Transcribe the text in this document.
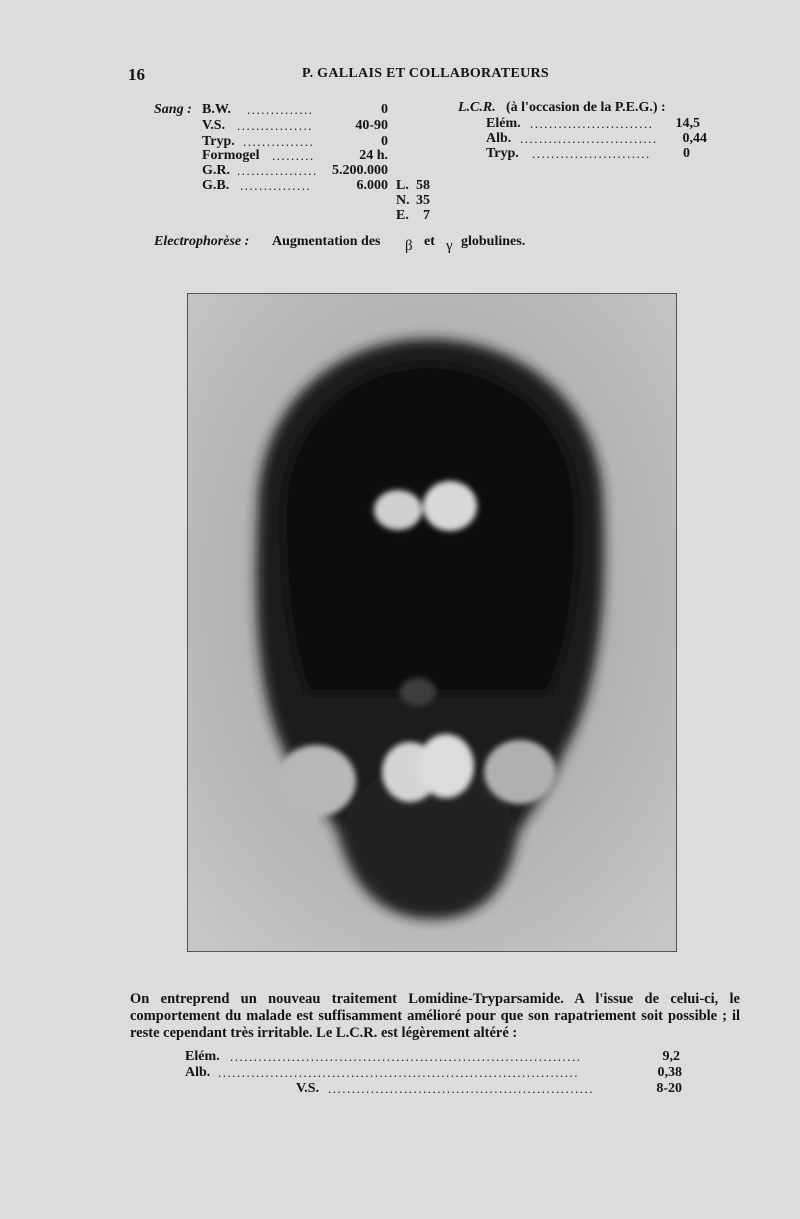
16	P. GALLAIS ET COLLABORATEURS
Sang : B.W. ..............	0
V.S. ................	40-90
Tryp. ...............	0
Formogel .........	24 h.
G.R. .................	5.200.000
G.B. ...............	6.000 L. 58
N. 35
E.	7
L.C.R. (à l'occasion de la P.E.G.) :
Elém. ..........................	14,5
Alb. .............................	0,44
Tryp. .........................	0
Electrophorèse : Augmentation des β et γ globulines.
On entreprend un nouveau traitement Lomidine-Tryparsamide. A l'issue de celui-ci, le comportement du malade est suffisamment amélioré pour que son rapatriement soit possible ; il reste cependant très irritable. Le L.C.R. est légèrement altéré :
Elém. ..........................................................................	9,2
Alb. ............................................................................	0,38
V.S. ........................................................	8-20
